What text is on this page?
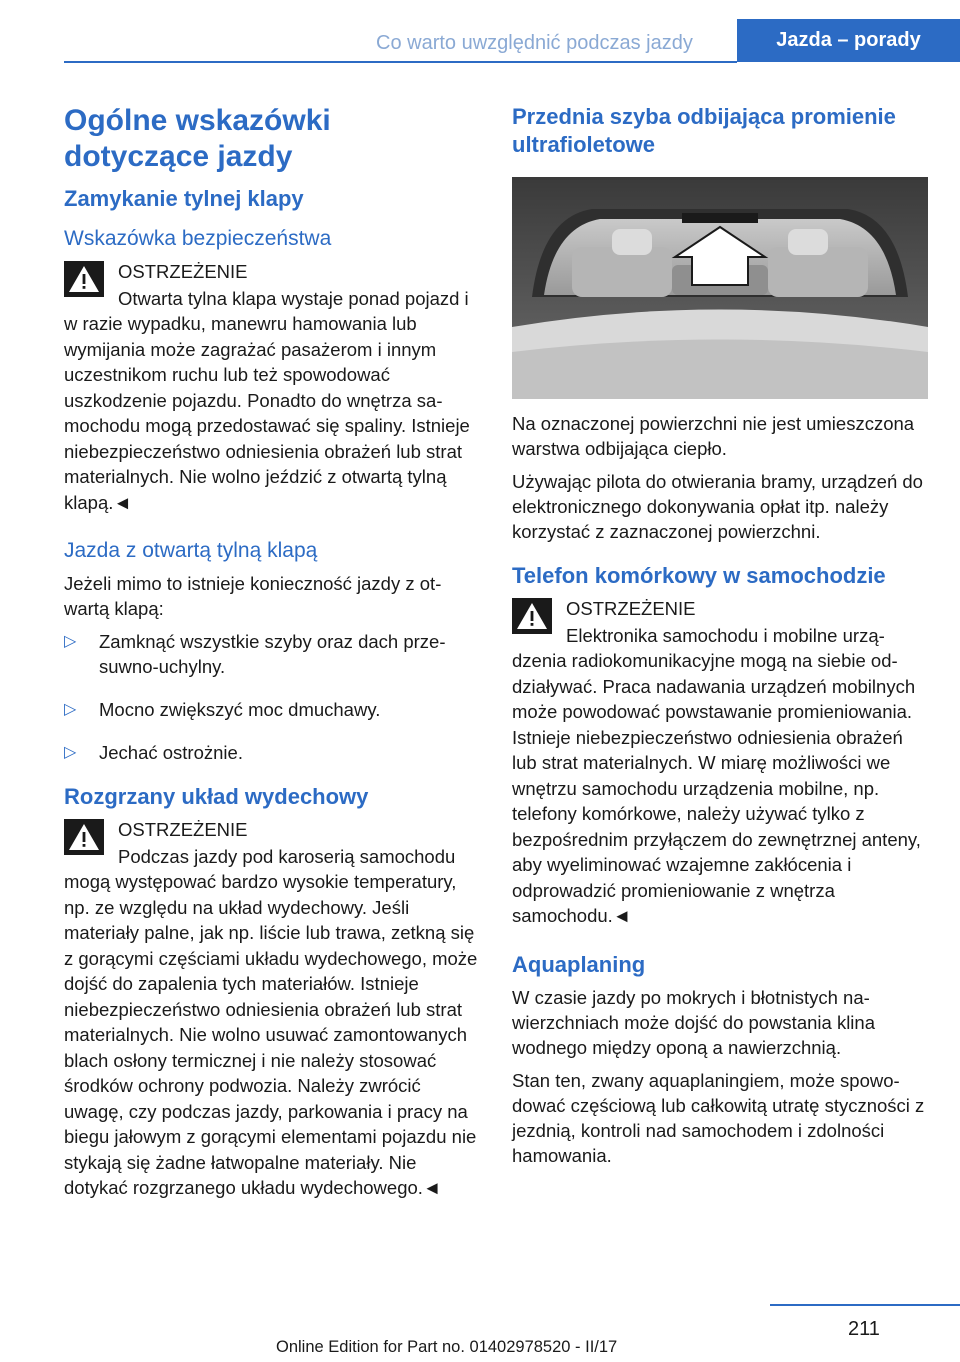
Co warto uwzględnić podczas jazdy	Jazda – porady
Ogólne wskazówki dotyczące jazdy
Zamykanie tylnej klapy
Wskazówka bezpieczeństwa

OSTRZEŻENIE

Otwarta tylna klapa wystaje ponad pojazd i w razie wypadku, manewru hamowania lub wymijania może zagrażać pasażerom i innym uczestnikom ruchu lub też spowodować uszkodzenie pojazdu. Ponadto do wnętrza samochodu mogą przedostawać się spaliny. Istnieje niebezpieczeństwo odniesienia obrażeń lub strat materialnych. Nie wolno jeździć z otwartą tylną klapą.◄

Jazda z otwartą tylną klapą

Jeżeli mimo to istnieje konieczność jazdy z otwartą klapą:

▷ Zamknąć wszystkie szyby oraz dach przesuwno-uchylny.
▷ Mocno zwiększyć moc dmuchawy.
▷ Jechać ostrożnie.
Rozgrzany układ wydechowy

OSTRZEŻENIE

Podczas jazdy pod karoserią samochodu mogą występować bardzo wysokie temperatury, np. ze względu na układ wydechowy. Jeśli materiały palne, jak np. liście lub trawa, zetkną się z gorącymi częściami układu wydechowego, może dojść do zapalenia tych materiałów. Istnieje niebezpieczeństwo odniesienia obrażeń lub strat materialnych. Nie wolno usuwać zamontowanych blach osłony termicznej i nie należy stosować środków ochrony podwozia. Należy zwrócić uwagę, czy podczas jazdy, parkowania i pracy na biegu jałowym z gorącymi elementami pojazdu nie stykają się żadne łatwopalne materiały. Nie dotykać rozgrzanego układu wydechowego.◄

Przednia szyba odbijająca promienie ultrafioletowe

Na oznaczonej powierzchni nie jest umieszczona warstwa odbijająca ciepło.

Używając pilota do otwierania bramy, urządzeń do elektronicznego dokonywania opłat itp. należy korzystać z zaznaczonej powierzchni.

Telefon komórkowy w samochodzie

OSTRZEŻENIE

Elektronika samochodu i mobilne urządzenia radiokomunikacyjne mogą na siebie oddziaływać. Praca nadawania urządzeń mobilnych może powodować powstawanie promieniowania. Istnieje niebezpieczeństwo odniesienia obrażeń lub strat materialnych. W miarę możliwości we wnętrzu samochodu urządzenia mobilne, np. telefony komórkowe, należy używać tylko z bezpośrednim przyłączem do zewnętrznej anteny, aby wyeliminować wzajemne zakłócenia i odprowadzić promieniowanie z wnętrza samochodu.◄

Aquaplaning

W czasie jazdy po mokrych i błotnistych nawierzchniach może dojść do powstania klina wodnego między oponą a nawierzchnią.

Stan ten, zwany aquaplaningiem, może spowodować częściową lub całkowitą utratę styczności z jezdnią, kontroli nad samochodem i zdolności hamowania.

211
Online Edition for Part no. 01402978520 - II/17
